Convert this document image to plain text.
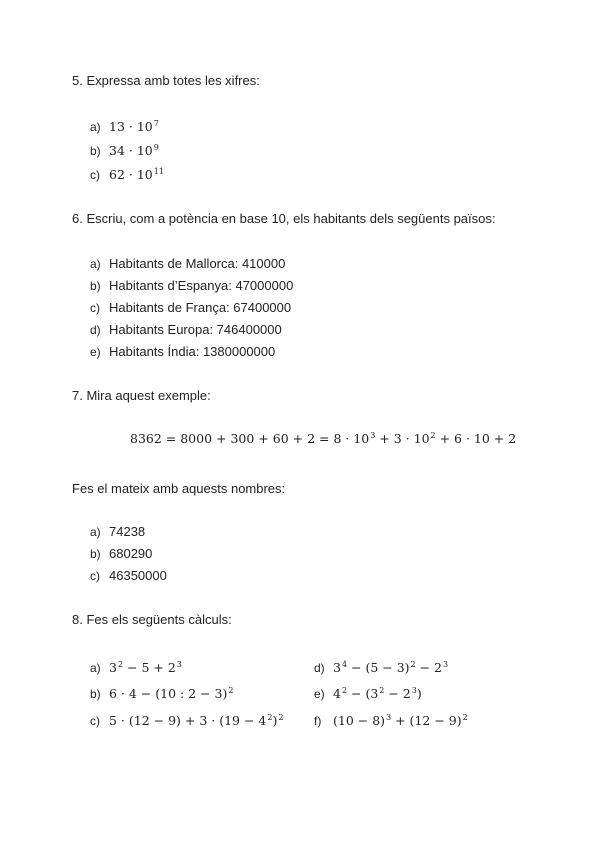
5. Expressa amb totes les xifres:
a) $13 \cdot 10^7$
b) $34 \cdot 10^9$
c) $62 \cdot 10^{11}$
6. Escriu, com a potència en base 10, els habitants dels següents països:
a) Habitants de Mallorca: 410000
b) Habitants d’Espanya: 47000000
c) Habitants de França: 67400000
d) Habitants Europa: 746400000
e) Habitants Índia: 1380000000
7. Mira aquest exemple:
$8362 = 8000 + 300 + 60 + 2 = 8 \cdot 10^3 + 3 \cdot 10^2 + 6 \cdot 10 + 2$
Fes el mateix amb aquests nombres:
a) 74238
b) 680290
c) 46350000
8. Fes els següents càlculs:
a) $3^2 - 5 + 2^3$
b) 6 · 4 − (10 : 2 − 3)$^2$
c) $5 \cdot (12 - 9) + 3 \cdot (19 - 4^2)^2$
d) $3^4 - (5 - 3)^2 - 2^3$
e) $4^2 - (3^2 - 2^3)$
f) $(10 - 8)^3 + (12 - 9)^2$
